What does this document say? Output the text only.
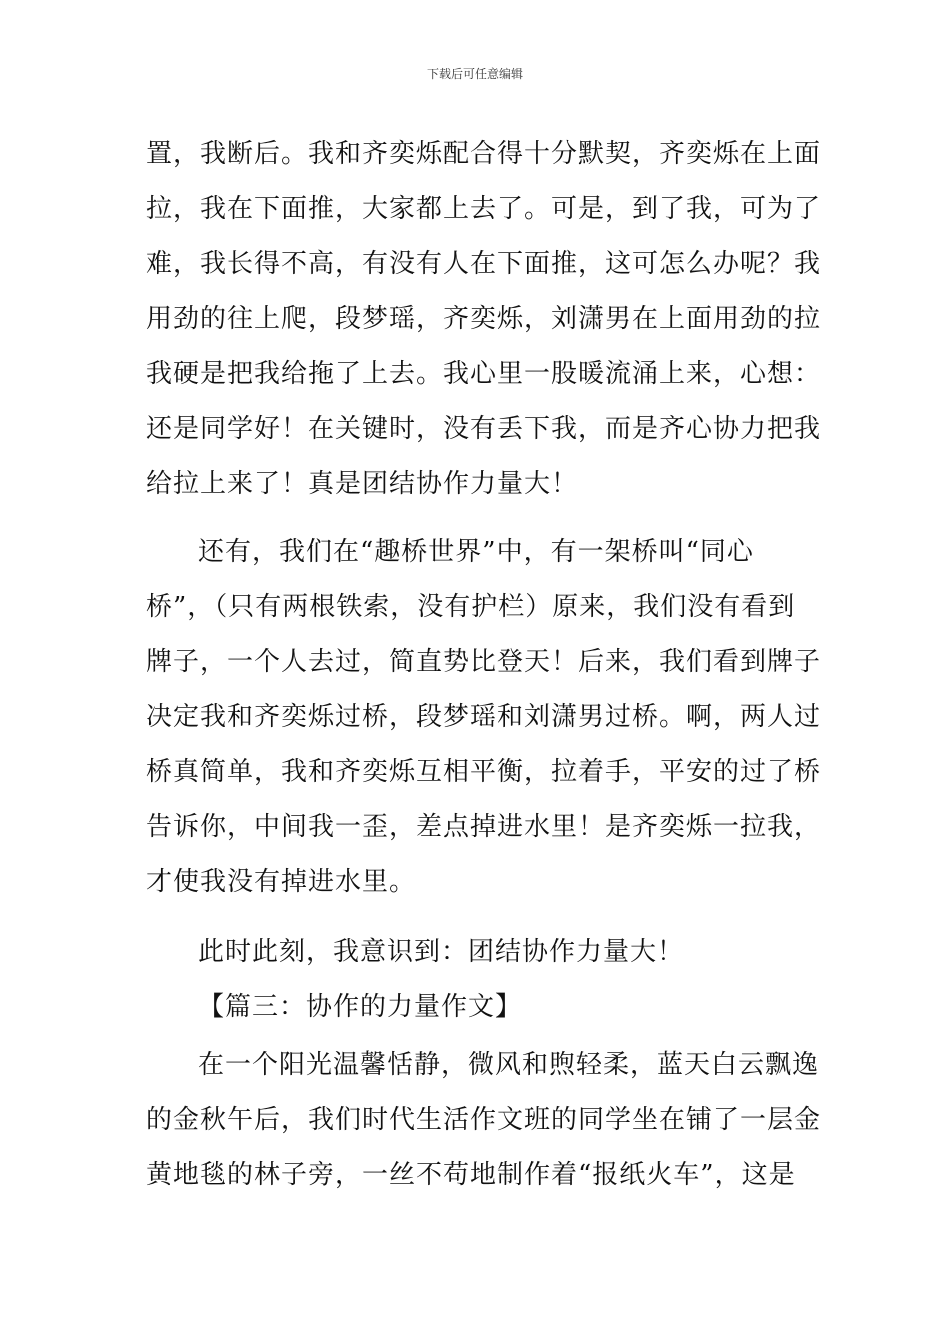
下载后可任意编辑
置，我断后。我和齐奕烁配合得十分默契，齐奕烁在上面
拉，我在下面推，大家都上去了。可是，到了我，可为了
难，我长得不高，有没有人在下面推，这可怎么办呢？我
用劲的往上爬，段梦瑶，齐奕烁，刘潇男在上面用劲的拉
我硬是把我给拖了上去。我心里一股暖流涌上来，心想：
还是同学好！在关键时，没有丢下我，而是齐心协力把我
给拉上来了！真是团结协作力量大！
还有，我们在“趣桥世界”中，有一架桥叫“同心
桥”，（只有两根铁索，没有护栏）原来，我们没有看到
牌子，一个人去过，简直势比登天！后来，我们看到牌子
决定我和齐奕烁过桥，段梦瑶和刘潇男过桥。啊，两人过
桥真简单，我和齐奕烁互相平衡，拉着手，平安的过了桥
告诉你，中间我一歪，差点掉进水里！是齐奕烁一拉我，
才使我没有掉进水里。
此时此刻，我意识到：团结协作力量大！
【篇三：协作的力量作文】
在一个阳光温馨恬静，微风和煦轻柔，蓝天白云飘逸
的金秋午后，我们时代生活作文班的同学坐在铺了一层金
黄地毯的林子旁，一丝不苟地制作着“报纸火车”，这是
